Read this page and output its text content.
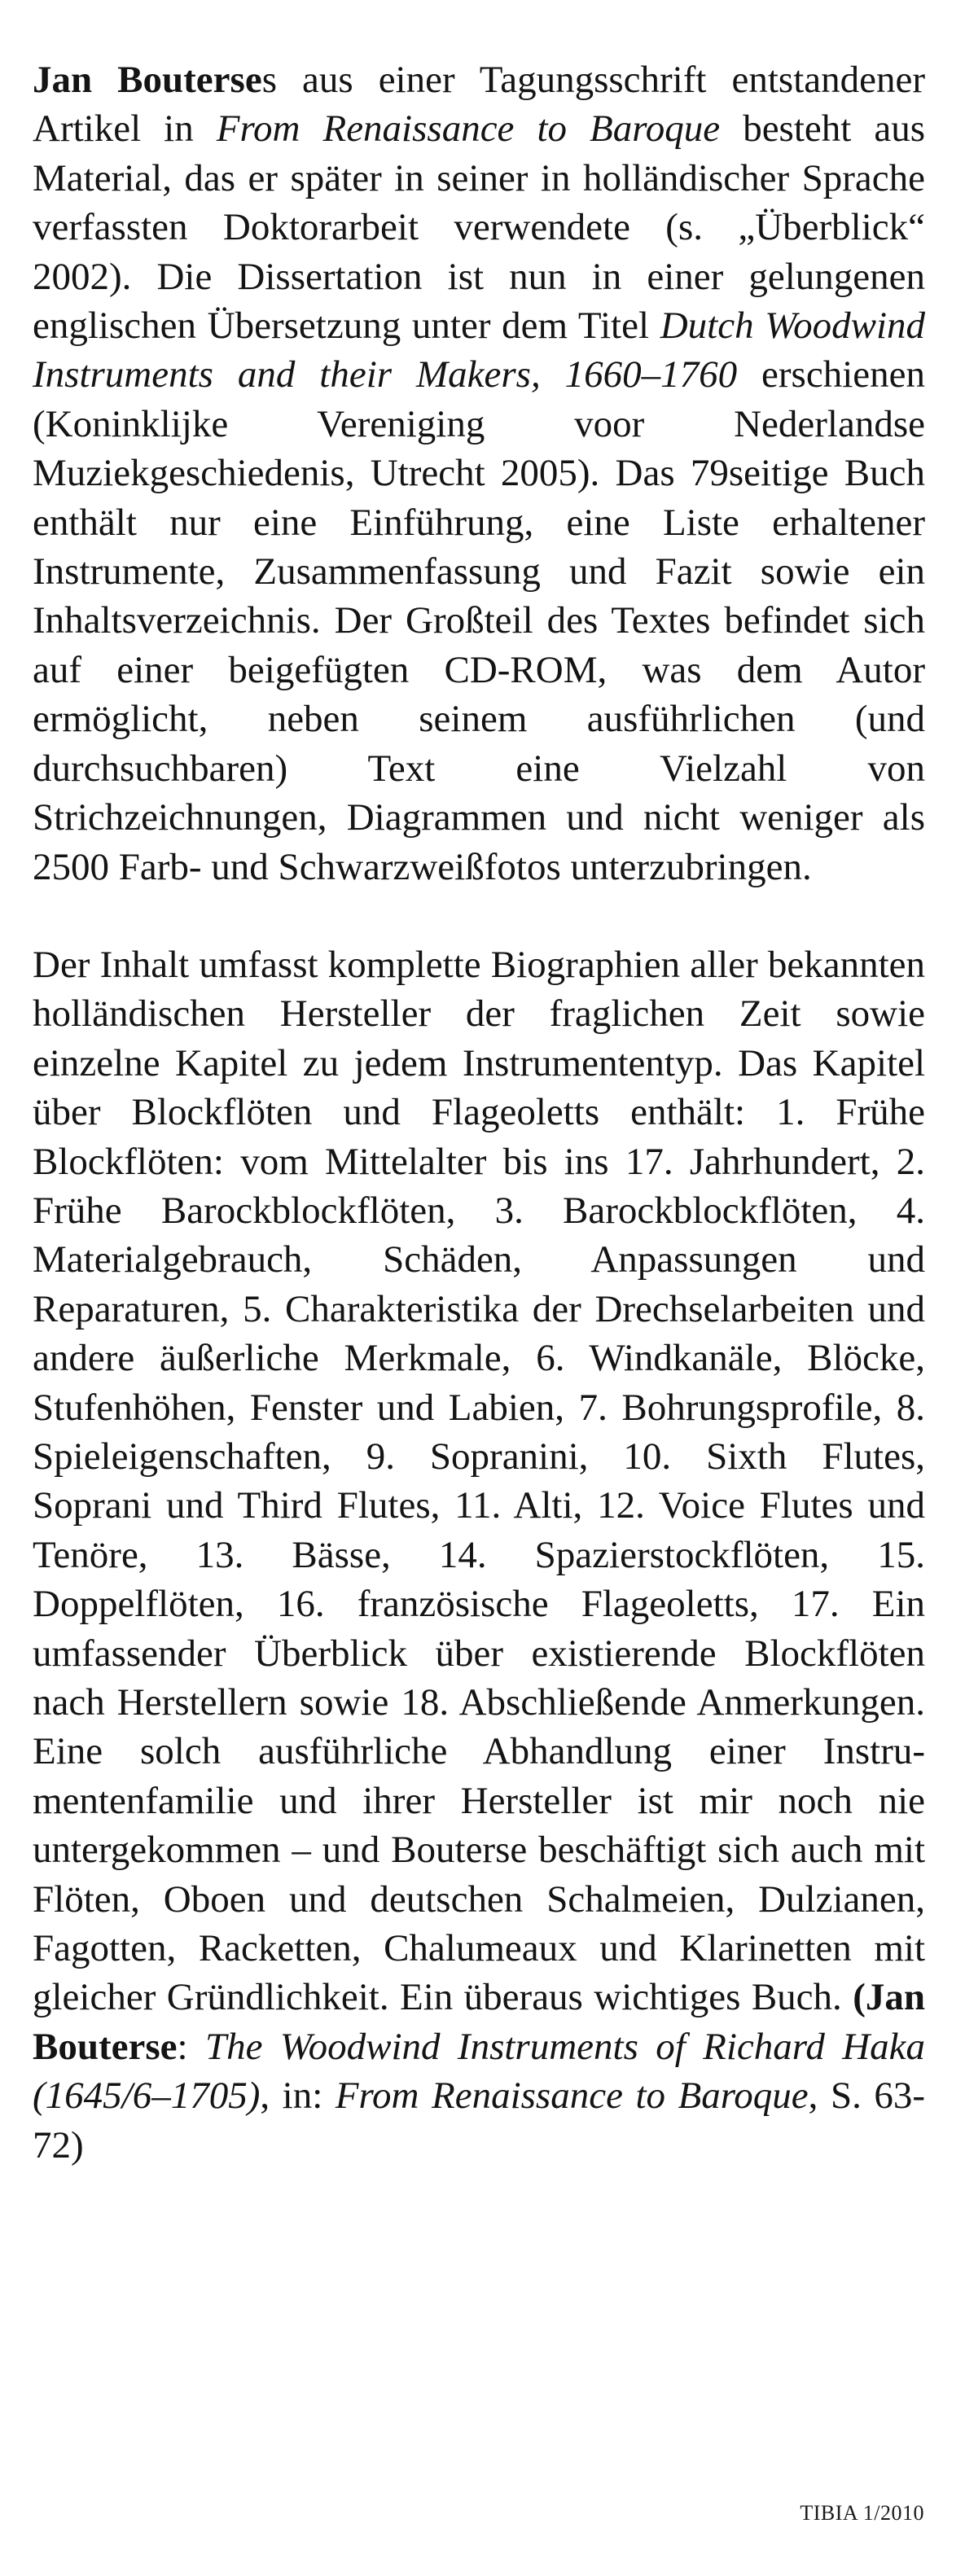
Jan Bouterses aus einer Tagungsschrift entstandener Artikel in From Renaissance to Baroque besteht aus Material, das er später in seiner in holländischer Sprache verfassten Doktorarbeit verwendete (s. „Überblick“ 2002). Die Dissertation ist nun in einer gelungenen englischen Übersetzung unter dem Titel Dutch Woodwind Instruments and their Makers, 1660–1760 erschienen (Koninklijke Vereniging voor Nederlandse Muziekgeschiedenis, Utrecht 2005). Das 79seitige Buch enthält nur eine Einführung, eine Liste erhaltener Instrumente, Zusammenfassung und Fazit sowie ein Inhaltsverzeichnis. Der Großteil des Textes befindet sich auf einer beigefügten CD-ROM, was dem Autor ermöglicht, neben seinem ausführlichen (und durchsuchbaren) Text eine Vielzahl von Strichzeichnungen, Diagrammen und nicht weniger als 2500 Farb- und Schwarzweißfotos unterzubringen.

Der Inhalt umfasst komplette Biographien aller bekannten holländischen Hersteller der fraglichen Zeit sowie einzelne Kapitel zu jedem Instrumententyp. Das Kapitel über Blockflöten und Flageoletts enthält: 1. Frühe Blockflöten: vom Mittelalter bis ins 17. Jahrhundert, 2. Frühe Barockblockflöten, 3. Barockblockflöten, 4. Materialgebrauch, Schäden, Anpassungen und Reparaturen, 5. Charakteristika der Drechselarbeiten und andere äußerliche Merkmale, 6. Windkanäle, Blöcke, Stufenhöhen, Fenster und Labien, 7. Bohrungsprofile, 8. Spieleigenschaften, 9. Sopranini, 10. Sixth Flutes, Soprani und Third Flutes, 11. Alti, 12. Voice Flutes und Tenöre, 13. Bässe, 14. Spazierstockflöten, 15. Doppelflöten, 16. französische Flageoletts, 17. Ein umfassender Überblick über existierende Blockflöten nach Herstellern sowie 18. Abschließende Anmerkungen. Eine solch ausführliche Abhandlung einer Instrumentenfamilie und ihrer Hersteller ist mir noch nie untergekommen – und Bouterse beschäftigt sich auch mit Flöten, Oboen und deutschen Schalmeien, Dulzianen, Fagotten, Racketten, Chalumeaux und Klarinetten mit gleicher Gründlichkeit. Ein überaus wichtiges Buch. (Jan Bouterse: The Woodwind Instruments of Richard Haka (1645/6–1705), in: From Renaissance to Baroque, S. 63-72)

TIBIA 1/2010
